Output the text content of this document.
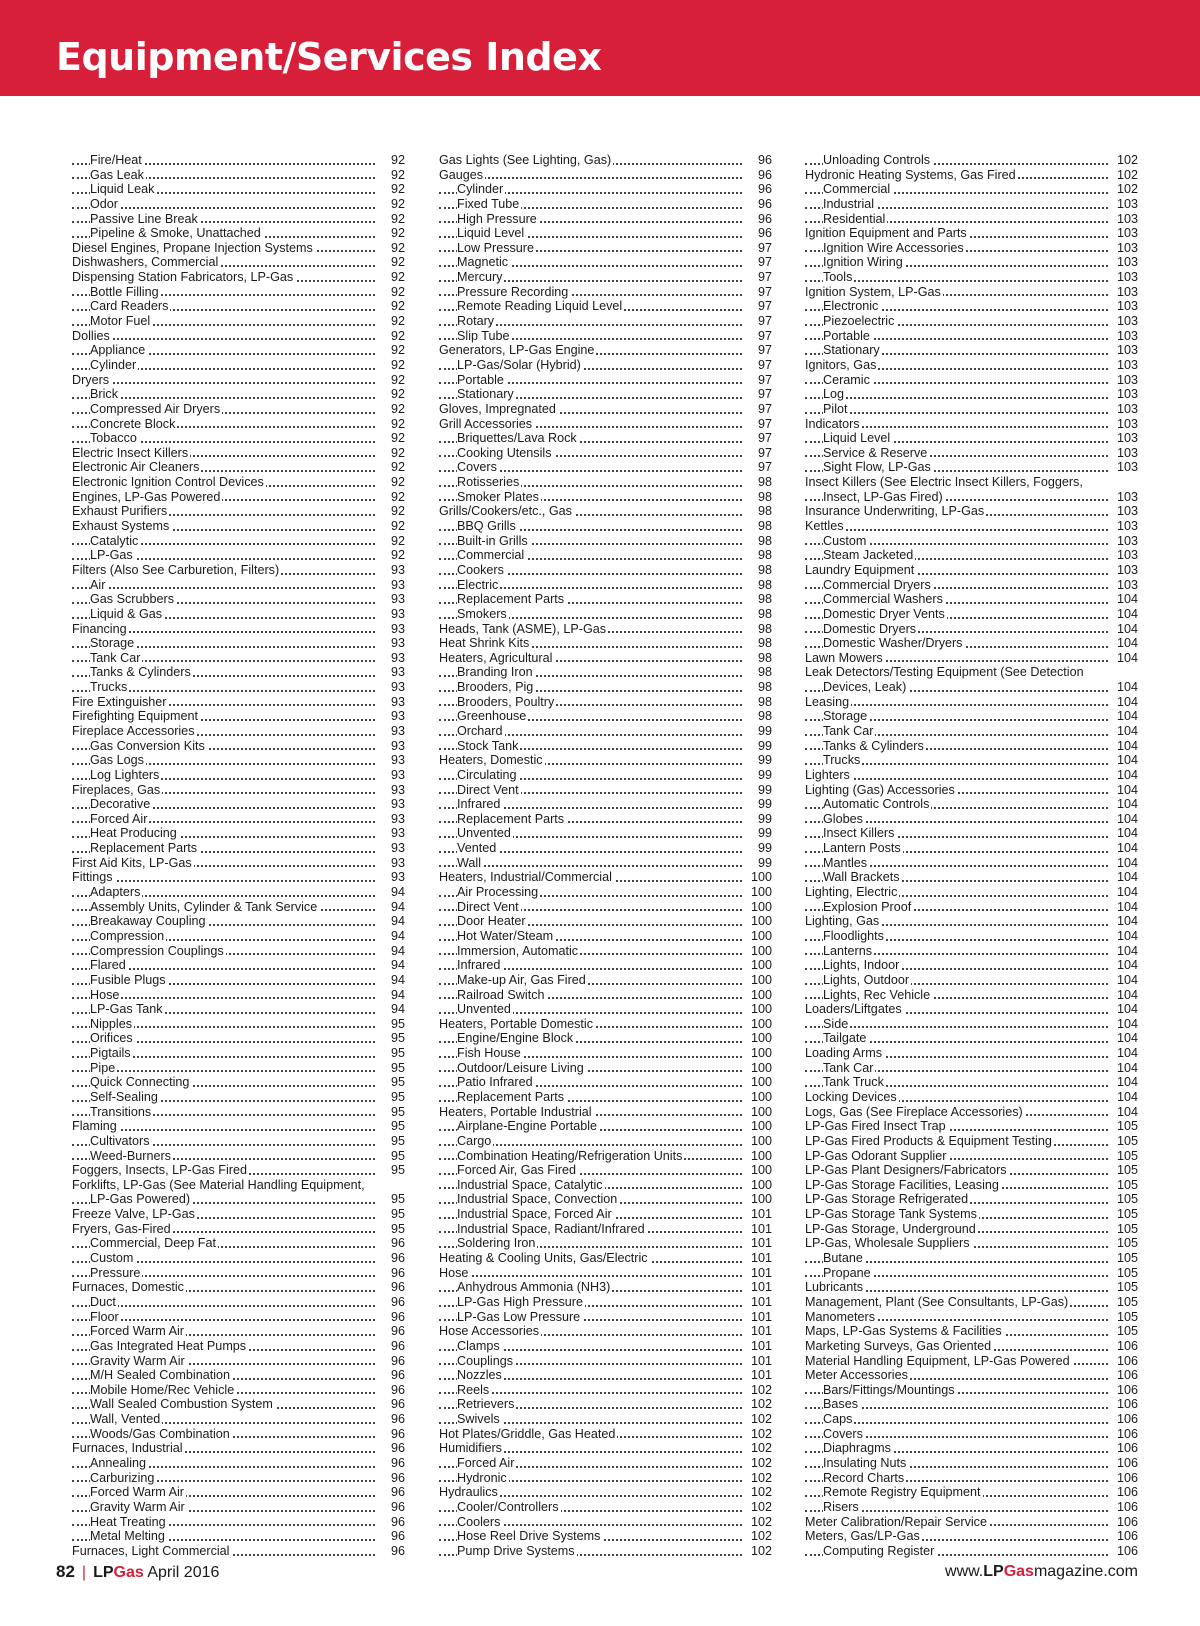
Equipment/Services Index
Fire/Heat	92
Gas Leak	92
Liquid Leak	92
Odor	92
Passive Line Break	92
Pipeline & Smoke, Unattached	92
Diesel Engines, Propane Injection Systems	92
Dishwashers, Commercial	92
Dispensing Station Fabricators, LP-Gas	92
Bottle Filling	92
Card Readers	92
Motor Fuel	92
Dollies	92
Appliance	92
Cylinder	92
Dryers	92
Brick	92
Compressed Air Dryers	92
Concrete Block	92
Tobacco	92
Electric Insect Killers	92
Electronic Air Cleaners	92
Electronic Ignition Control Devices	92
Engines, LP-Gas Powered	92
Exhaust Purifiers	92
Exhaust Systems	92
Catalytic	92
LP-Gas	92
Filters (Also See Carburetion, Filters)	93
Air	93
Gas Scrubbers	93
Liquid & Gas	93
Financing	93
Storage	93
Tank Car	93
Tanks & Cylinders	93
Trucks	93
Fire Extinguisher	93
Firefighting Equipment	93
Fireplace Accessories	93
Gas Conversion Kits	93
Gas Logs	93
Log Lighters	93
Fireplaces, Gas	93
Decorative	93
Forced Air	93
Heat Producing	93
Replacement Parts	93
First Aid Kits, LP-Gas	93
Fittings	93
Adapters	94
Assembly Units, Cylinder & Tank Service	94
Breakaway Coupling	94
Compression	94
Compression Couplings	94
Flared	94
Fusible Plugs	94
Hose	94
LP-Gas Tank	94
Nipples	95
Orifices	95
Pigtails	95
Pipe	95
Quick Connecting	95
Self-Sealing	95
Transitions	95
Flaming	95
Cultivators	95
Weed-Burners	95
Foggers, Insects, LP-Gas Fired	95
Forklifts, LP-Gas (See Material Handling Equipment,
LP-Gas Powered)	95
Freeze Valve, LP-Gas	95
Fryers, Gas-Fired	95
Commercial, Deep Fat	96
Custom	96
Pressure	96
Furnaces, Domestic	96
Duct	96
Floor	96
Forced Warm Air	96
Gas Integrated Heat Pumps	96
Gravity Warm Air	96
M/H Sealed Combination	96
Mobile Home/Rec Vehicle	96
Wall Sealed Combustion System	96
Wall, Vented	96
Woods/Gas Combination	96
Furnaces, Industrial	96
Annealing	96
Carburizing	96
Forced Warm Air	96
Gravity Warm Air	96
Heat Treating	96
Metal Melting	96
Furnaces, Light Commercial	96
Gas Lights (See Lighting, Gas)	96
Gauges	96
Cylinder	96
Fixed Tube	96
High Pressure	96
Liquid Level	96
Low Pressure	97
Magnetic	97
Mercury	97
Pressure Recording	97
Remote Reading Liquid Level	97
Rotary	97
Slip Tube	97
Generators, LP-Gas Engine	97
LP-Gas/Solar (Hybrid)	97
Portable	97
Stationary	97
Gloves, Impregnated	97
Grill Accessories	97
Briquettes/Lava Rock	97
Cooking Utensils	97
Covers	97
Rotisseries	98
Smoker Plates	98
Grills/Cookers/etc., Gas	98
BBQ Grills	98
Built-in Grills	98
Commercial	98
Cookers	98
Electric	98
Replacement Parts	98
Smokers	98
Heads, Tank (ASME), LP-Gas	98
Heat Shrink Kits	98
Heaters, Agricultural	98
Branding Iron	98
Brooders, Pig	98
Brooders, Poultry	98
Greenhouse	98
Orchard	99
Stock Tank	99
Heaters, Domestic	99
Circulating	99
Direct Vent	99
Infrared	99
Replacement Parts	99
Unvented	99
Vented	99
Wall	99
Heaters, Industrial/Commercial	100
Air Processing	100
Direct Vent	100
Door Heater	100
Hot Water/Steam	100
Immersion, Automatic	100
Infrared	100
Make-up Air, Gas Fired	100
Railroad Switch	100
Unvented	100
Heaters, Portable Domestic	100
Engine/Engine Block	100
Fish House	100
Outdoor/Leisure Living	100
Patio Infrared	100
Replacement Parts	100
Heaters, Portable Industrial	100
Airplane-Engine Portable	100
Cargo	100
Combination Heating/Refrigeration Units	100
Forced Air, Gas Fired	100
Industrial Space, Catalytic	100
Industrial Space, Convection	100
Industrial Space, Forced Air	101
Industrial Space, Radiant/Infrared	101
Soldering Iron	101
Heating & Cooling Units, Gas/Electric	101
Hose	101
Anhydrous Ammonia (NH3)	101
LP-Gas High Pressure	101
LP-Gas Low Pressure	101
Hose Accessories	101
Clamps	101
Couplings	101
Nozzles	101
Reels	102
Retrievers	102
Swivels	102
Hot Plates/Griddle, Gas Heated	102
Humidifiers	102
Forced Air	102
Hydronic	102
Hydraulics	102
Cooler/Controllers	102
Coolers	102
Hose Reel Drive Systems	102
Pump Drive Systems	102
Unloading Controls	102
Hydronic Heating Systems, Gas Fired	102
Commercial	102
Industrial	103
Residential	103
Ignition Equipment and Parts	103
Ignition Wire Accessories	103
Ignition Wiring	103
Tools	103
Ignition System, LP-Gas	103
Electronic	103
Piezoelectric	103
Portable	103
Stationary	103
Ignitors, Gas	103
Ceramic	103
Log	103
Pilot	103
Indicators	103
Liquid Level	103
Service & Reserve	103
Sight Flow, LP-Gas	103
Insect Killers (See Electric Insect Killers, Foggers,
Insect, LP-Gas Fired)	103
Insurance Underwriting, LP-Gas	103
Kettles	103
Custom	103
Steam Jacketed	103
Laundry Equipment	103
Commercial Dryers	103
Commercial Washers	104
Domestic Dryer Vents	104
Domestic Dryers	104
Domestic Washer/Dryers	104
Lawn Mowers	104
Leak Detectors/Testing Equipment (See Detection
Devices, Leak)	104
Leasing	104
Storage	104
Tank Car	104
Tanks & Cylinders	104
Trucks	104
Lighters	104
Lighting (Gas) Accessories	104
Automatic Controls	104
Globes	104
Insect Killers	104
Lantern Posts	104
Mantles	104
Wall Brackets	104
Lighting, Electric	104
Explosion Proof	104
Lighting, Gas	104
Floodlights	104
Lanterns	104
Lights, Indoor	104
Lights, Outdoor	104
Lights, Rec Vehicle	104
Loaders/Liftgates	104
Side	104
Tailgate	104
Loading Arms	104
Tank Car	104
Tank Truck	104
Locking Devices	104
Logs, Gas (See Fireplace Accessories)	104
LP-Gas Fired Insect Trap	105
LP-Gas Fired Products & Equipment Testing	105
LP-Gas Odorant Supplier	105
LP-Gas Plant Designers/Fabricators	105
LP-Gas Storage Facilities, Leasing	105
LP-Gas Storage Refrigerated	105
LP-Gas Storage Tank Systems	105
LP-Gas Storage, Underground	105
LP-Gas, Wholesale Suppliers	105
Butane	105
Propane	105
Lubricants	105
Management, Plant (See Consultants, LP-Gas)	105
Manometers	105
Maps, LP-Gas Systems & Facilities	105
Marketing Surveys, Gas Oriented	106
Material Handling Equipment, LP-Gas Powered	106
Meter Accessories	106
Bars/Fittings/Mountings	106
Bases	106
Caps	106
Covers	106
Diaphragms	106
Insulating Nuts	106
Record Charts	106
Remote Registry Equipment	106
Risers	106
Meter Calibration/Repair Service	106
Meters, Gas/LP-Gas	106
Computing Register	106
82 | LPGas April 2016	www.LPGasmagazine.com
